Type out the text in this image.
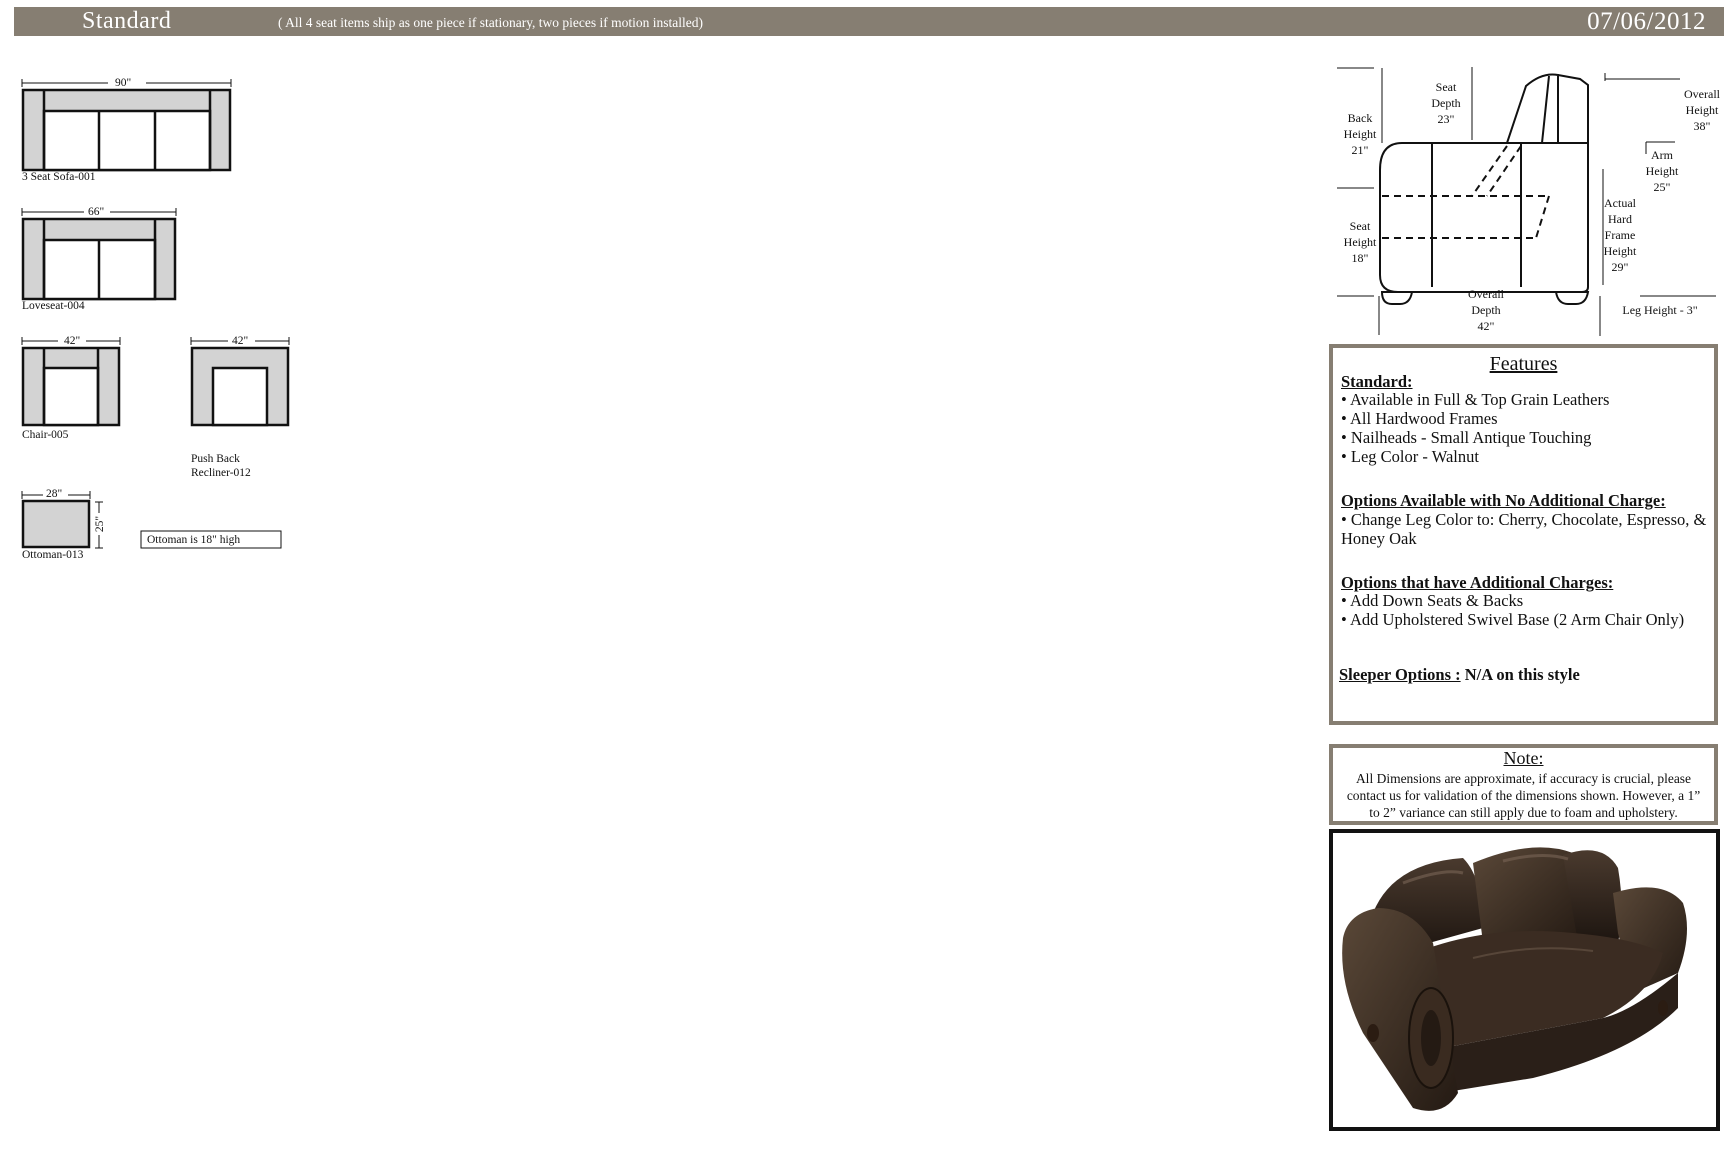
Standard	( All 4 seat items ship as one piece if stationary, two pieces if motion installed)	07/06/2012
90"
3 Seat Sofa-001
66"
Loveseat-004
42"
Chair-005
42"
Push Back
Recliner-012
28"
25"
Ottoman-013
Ottoman is 18" high
Back
Height
21"
Seat
Depth
23"
Overall
Height
38"
Arm
Height
25"
Seat
Height
18"
Actual
Hard
Frame
Height
29"
Overall
Depth
42"
Leg Height - 3"
Features
Standard:
• Available in Full & Top Grain Leathers
• All Hardwood Frames
• Nailheads - Small Antique Touching
• Leg Color - Walnut
Options Available with No Additional Charge:
• Change Leg Color to: Cherry, Chocolate, Espresso, & Honey Oak
Options that have Additional Charges:
• Add Down Seats & Backs
• Add Upholstered Swivel Base (2 Arm Chair Only)
Sleeper Options : N/A on this style
Note:
All Dimensions are approximate, if accuracy is crucial, please contact us for validation of the dimensions shown. However, a 1” to 2” variance can still apply due to foam and upholstery.
